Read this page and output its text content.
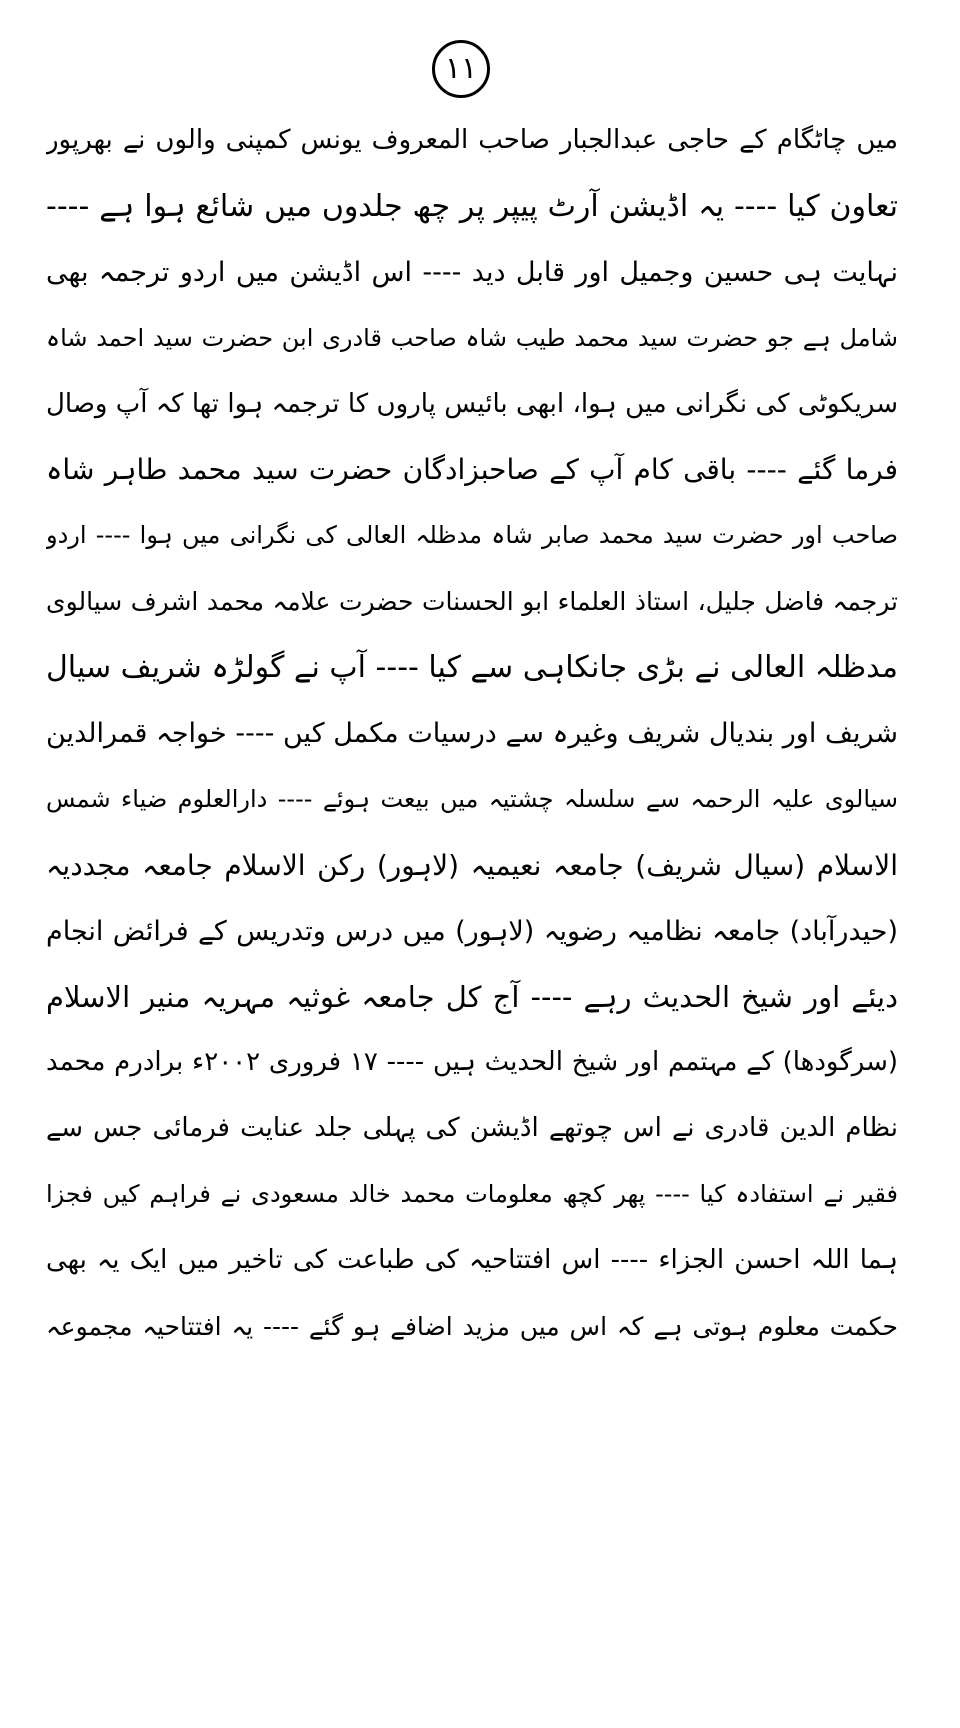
۱۱
میں چاٹگام کے حاجی عبدالجبار صاحب المعروف یونس کمپنی والوں نے بھرپور
تعاون کیا ---- یہ اڈیشن آرٹ پیپر پر چھ جلدوں میں شائع ہوا ہے ----
نہایت ہی حسین وجمیل اور قابل دید ---- اس اڈیشن میں اردو ترجمہ بھی
شامل ہے جو حضرت سید محمد طیب شاہ صاحب قادری ابن حضرت سید احمد شاہ
سریکوٹی کی نگرانی میں ہوا، ابھی بائیس پاروں کا ترجمہ ہوا تھا کہ آپ وصال
فرما گئے ---- باقی کام آپ کے صاحبزادگان حضرت سید محمد طاہر شاہ
صاحب اور حضرت سید محمد صابر شاہ مدظلہ العالی کی نگرانی میں ہوا ---- اردو
ترجمہ فاضل جلیل، استاذ العلماء ابو الحسنات حضرت علامہ محمد اشرف سیالوی
مدظلہ العالی نے بڑی جانکاہی سے کیا ---- آپ نے گولڑہ شریف سیال
شریف اور بندیال شریف وغیرہ سے درسیات مکمل کیں ---- خواجہ قمرالدین
سیالوی علیہ الرحمہ سے سلسلہ چشتیہ میں بیعت ہوئے ---- دارالعلوم ضیاء شمس
الاسلام (سیال شریف) جامعہ نعیمیہ (لاہور) رکن الاسلام جامعہ مجددیہ
(حیدرآباد) جامعہ نظامیہ رضویہ (لاہور) میں درس وتدریس کے فرائض انجام
دیئے اور شیخ الحدیث رہے ---- آج کل جامعہ غوثیہ مہریہ منیر الاسلام
(سرگودھا) کے مہتمم اور شیخ الحدیث ہیں ---- ۱۷ فروری ۲۰۰۲ء برادرم محمد
نظام الدین قادری نے اس چوتھے اڈیشن کی پہلی جلد عنایت فرمائی جس سے
فقیر نے استفادہ کیا ---- پھر کچھ معلومات محمد خالد مسعودی نے فراہم کیں فجزا
ہما اللہ احسن الجزاء ---- اس افتتاحیہ کی طباعت کی تاخیر میں ایک یہ بھی
حکمت معلوم ہوتی ہے کہ اس میں مزید اضافے ہو گئے ---- یہ افتتاحیہ مجموعہ
